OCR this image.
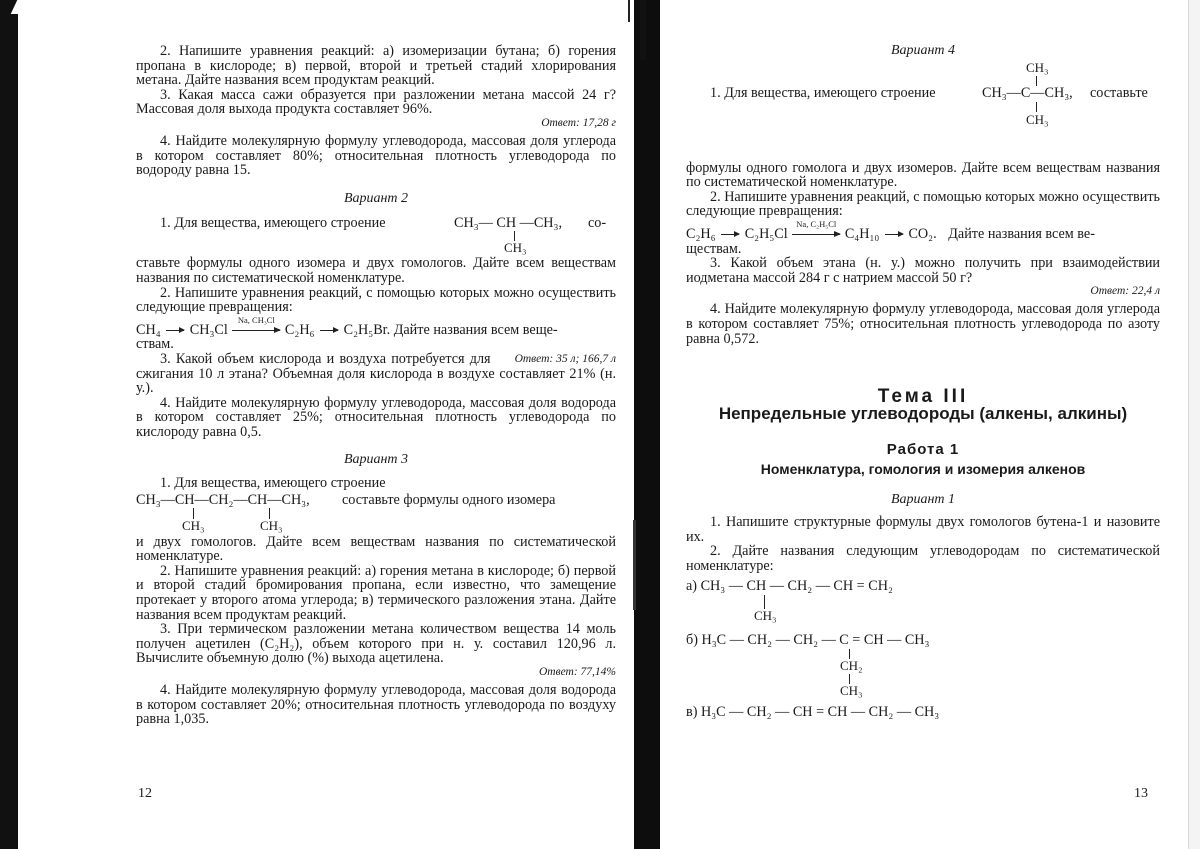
2. Напишите уравнения реакций: а) изомеризации бутана; б) горения пропана в кислороде; в) первой, второй и третьей стадий хлорирования метана. Дайте названия всем продуктам реакций.

3. Какая масса сажи образуется при разложении метана массой 24 г? Массовая доля выхода продукта составляет 96%.

Ответ: 17,28 г

4. Найдите молекулярную формулу углеводорода, массовая доля углерода в котором составляет 80%; относительная плотность углеводорода по водороду равна 15.

Вариант 2

1. Для вещества, имеющего строение	CH₃— CH —CH₃, со-
CH₃

ставьте формулы одного изомера и двух гомологов. Дайте всем веществам названия по систематической номенклатуре.

2. Напишите уравнения реакций, с помощью которых можно осуществить следующие превращения:

CH₄ CH₃Cl
Na, CH₃Cl
C₂H₆ C₂H₅Br. Дайте названия всем веще-

ствам.

Ответ: 35 л; 166,7 л
3. Какой объем кислорода и воздуха потребуется для сжигания 10 л этана? Объемная доля кислорода в воздухе составляет 21% (н. у.).

4. Найдите молекулярную формулу углеводорода, массовая доля водорода в котором составляет 25%; относительная плотность углеводорода по кислороду равна 0,5.

Вариант 3

1. Для вещества, имеющего строение

CH₃—CH—CH₂—CH—CH₃, составьте формулы одного изомера
CH₃	CH₃

и двух гомологов. Дайте всем веществам названия по систематической номенклатуре.

2. Напишите уравнения реакций: а) горения метана в кислороде; б) первой и второй стадий бромирования пропана, если известно, что замещение протекает у второго атома углерода; в) термического разложения этана. Дайте названия всем продуктам реакций.

3. При термическом разложении метана количеством вещества 14 моль получен ацетилен (C₂H₂), объем которого при н. у. составил 120,96 л. Вычислите объемную долю (%) выхода ацетилена.

Ответ: 77,14%

4. Найдите молекулярную формулу углеводорода, массовая доля водорода в котором составляет 20%; относительная плотность углеводорода по воздуху равна 1,035.

12

Вариант 4

CH₃
1. Для вещества, имеющего строение	CH₃—C—CH₃, составьте
CH₃

формулы одного гомолога и двух изомеров. Дайте всем веществам названия по систематической номенклатуре.

2. Напишите уравнения реакций, с помощью которых можно осуществить следующие превращения:

C₂H₆ C₂H₅Cl
Na, C₂H₅Cl
C₄H₁₀ CO₂. Дайте названия всем ве-

ществам.

3. Какой объем этана (н. у.) можно получить при взаимодействии иодметана массой 284 г с натрием массой 50 г?

Ответ: 22,4 л

4. Найдите молекулярную формулу углеводорода, массовая доля углерода в котором составляет 75%; относительная плотность углеводорода по азоту равна 0,572.

Тема III

Непредельные углеводороды (алкены, алкины)

Работа 1

Номенклатура, гомология и изомерия алкенов

Вариант 1

1. Напишите структурные формулы двух гомологов бутена-1 и назовите их.

2. Дайте названия следующим углеводородам по систематической номенклатуре:

а) CH₃ — CH — CH₂ — CH = CH₂
CH₃
б) H₃C — CH₂ — CH₂ — C = CH — CH₃
CH₂
CH₃
в) H₃C — CH₂ — CH = CH — CH₂ — CH₃
13
